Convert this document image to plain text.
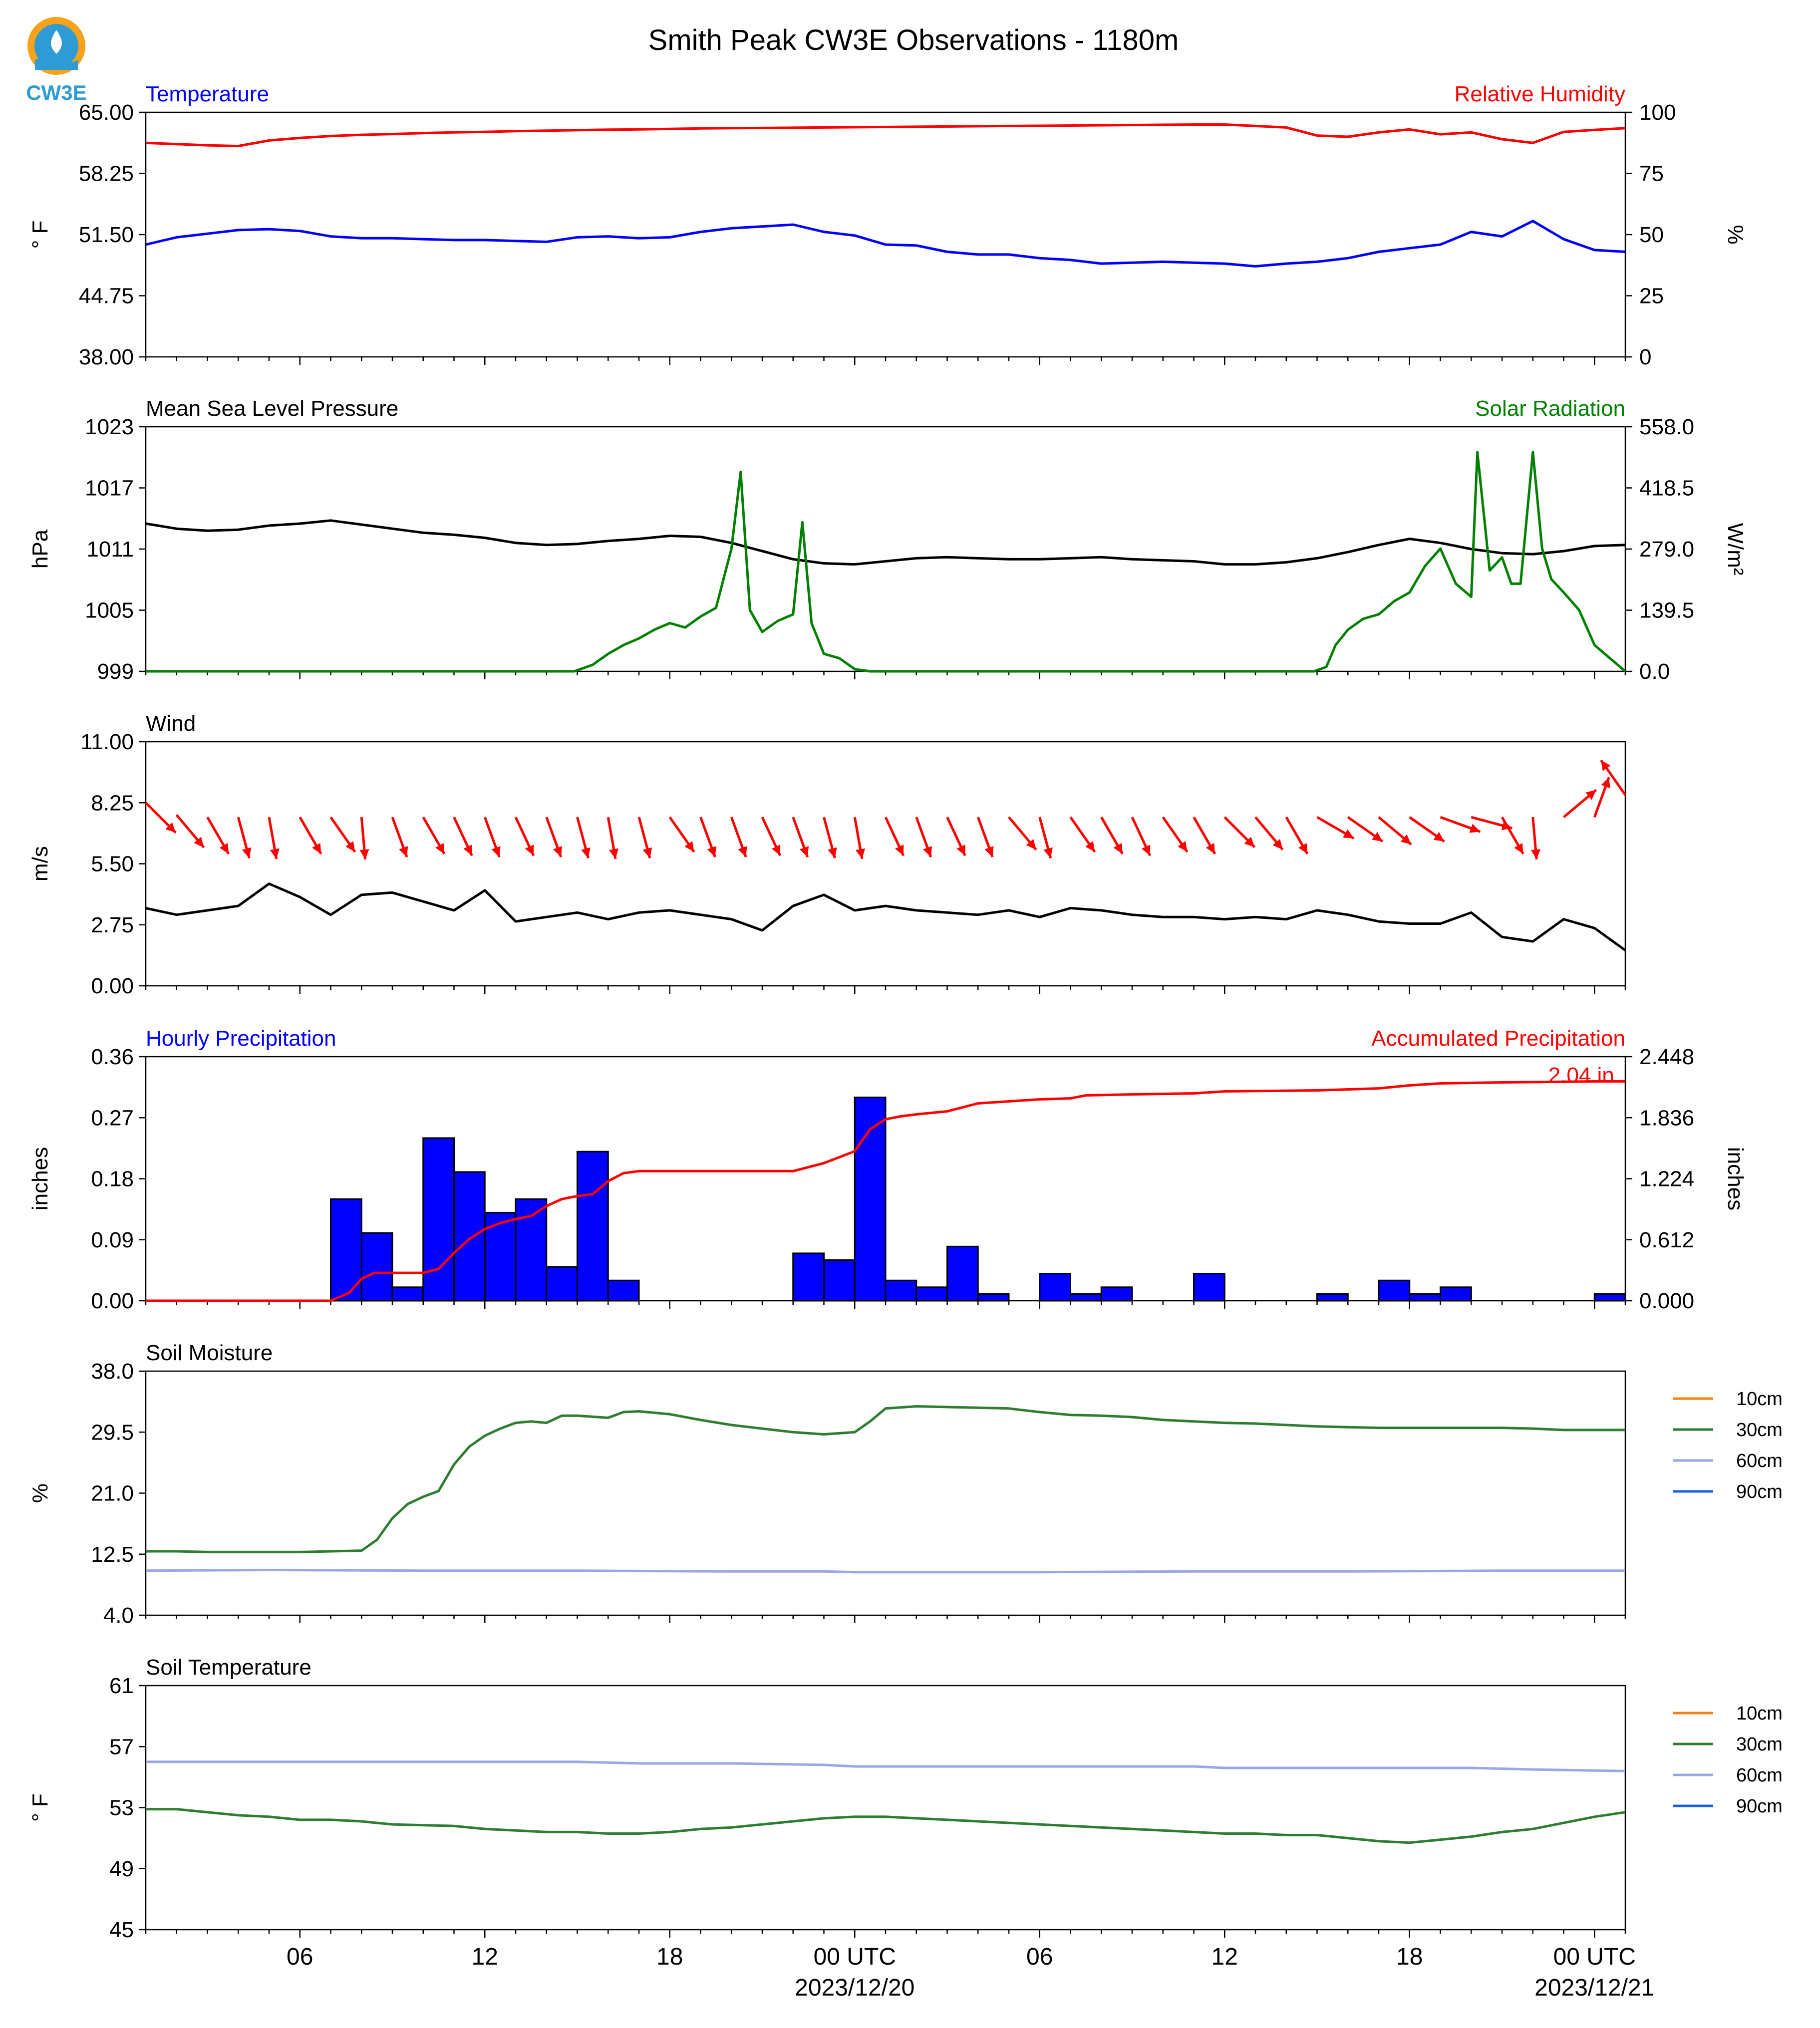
CW3E
Smith Peak CW3E Observations - 1180m
Temperature	Relative Humidity
38.00
44.75
51.50
58.25
65.00
° F
0
25
50
75
100
%
Mean Sea Level Pressure	Solar Radiation
999
1005
1011
1017
1023
hPa
0.0
139.5
279.0
418.5
558.0
W/m²
Wind
0.00
2.75
5.50
8.25
11.00
m/s
Hourly Precipitation	Accumulated Precipitation
0.00
0.09
0.18
0.27
0.36
inches
0.000
0.612
1.224
1.836
2.448
inches
2.04 in.
Soil Moisture
4.0
12.5
21.0
29.5
38.0
%
10cm
30cm
60cm
90cm
Soil Temperature
45
49
53
57
61
° F
10cm
30cm
60cm
90cm
06	12	18	00 UTC	06	12	18	00 UTC
2023/12/20	2023/12/21
